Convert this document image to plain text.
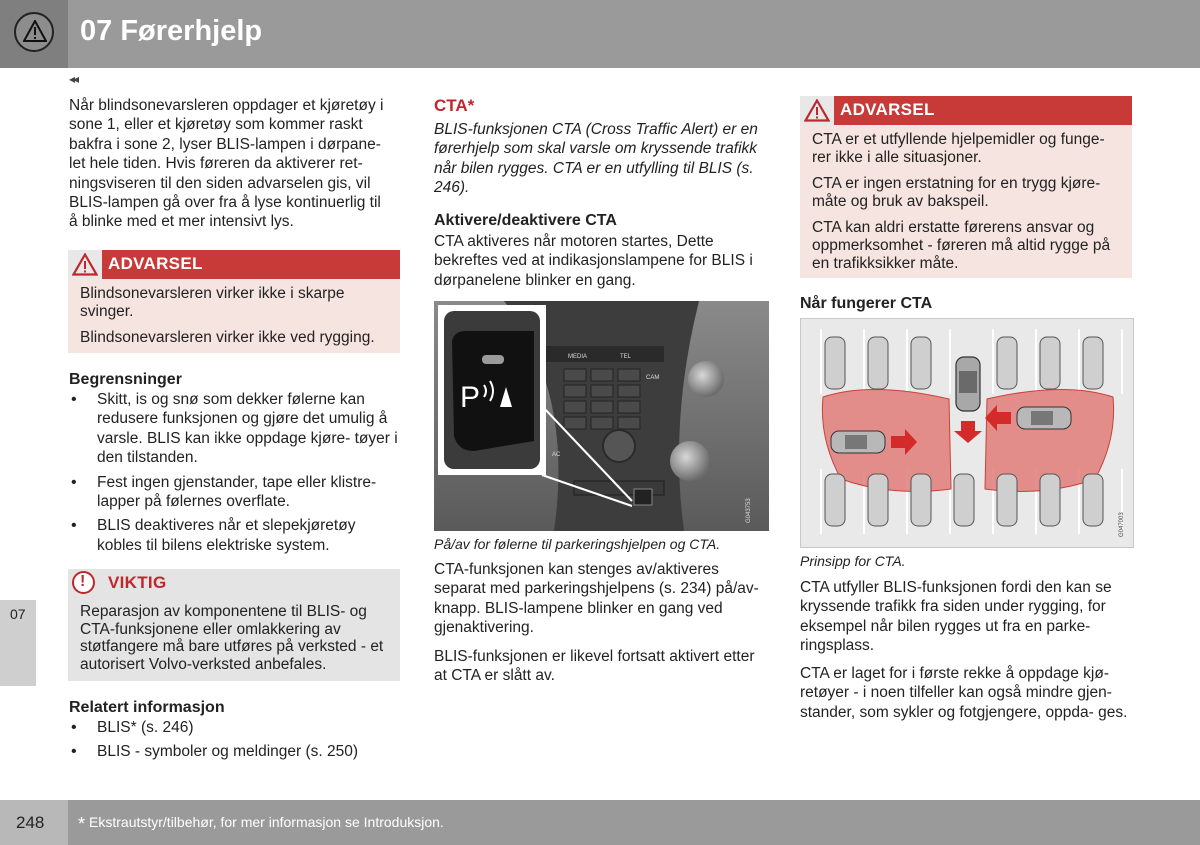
07 Førerhjelp
◂◂
07
Når blindsonevarsleren oppdager et kjøretøy i
sone 1, eller et kjøretøy som kommer raskt
bakfra i sone 2, lyser BLIS-lampen i dørpane-
let hele tiden. Hvis føreren da aktiverer ret-
ningsviseren til den siden advarselen gis, vil
BLIS-lampen gå over fra å lyse kontinuerlig til
å blinke med et mer intensivt lys.
ADVARSEL

Blindsonevarsleren virker ikke i skarpe svinger.

Blindsonevarsleren virker ikke ved rygging.

Begrensninger
• Skitt, is og snø som dekker følerne kan redusere funksjonen og gjøre det umulig å varsle. BLIS kan ikke oppdage kjøre- tøyer i den tilstanden.
• Fest ingen gjenstander, tape eller klistre- lapper på følernes overflate.
• BLIS deaktiveres når et slepekjøretøy kobles til bilens elektriske system.
! VIKTIG
Reparasjon av komponentene til BLIS- og CTA-funksjonene eller omlakkering av støtfangere må bare utføres på verksted - et autorisert Volvo-verksted anbefales.
Relatert informasjon
• BLIS* (s. 246)
• BLIS - symboler og meldinger (s. 250)
CTA*
BLIS-funksjonen CTA (Cross Traffic Alert) er en førerhjelp som skal varsle om kryssende trafikk når bilen rygges. CTA er en utfylling til BLIS (s. 246).
Aktivere/deaktivere CTA
CTA aktiveres når motoren startes, Dette bekreftes ved at indikasjonslampene for BLIS i dørpanelene blinker en gang.
MEDIA	TEL
CAM
AC
P
G043753
På/av for følerne til parkeringshjelpen og CTA.
CTA-funksjonen kan stenges av/aktiveres separat med parkeringshjelpens (s. 234) på/av-knapp. BLIS-lampene blinker en gang ved gjenaktivering.
BLIS-funksjonen er likevel fortsatt aktivert etter at CTA er slått av.
ADVARSEL

CTA er et utfyllende hjelpemidler og funge- rer ikke i alle situasjoner.

CTA er ingen erstatning for en trygg kjøre- måte og bruk av bakspeil.

CTA kan aldri erstatte førerens ansvar og oppmerksomhet - føreren må altid rygge på en trafikksikker måte.

Når fungerer CTA
G047003
Prinsipp for CTA.
CTA utfyller BLIS-funksjonen fordi den kan se kryssende trafikk fra siden under rygging, for eksempel når bilen rygges ut fra en parke- ringsplass.
CTA er laget for i første rekke å oppdage kjø- retøyer - i noen tilfeller kan også mindre gjen- stander, som sykler og fotgjengere, oppda- ges.
248	* Ekstrautstyr/tilbehør, for mer informasjon se Introduksjon.
